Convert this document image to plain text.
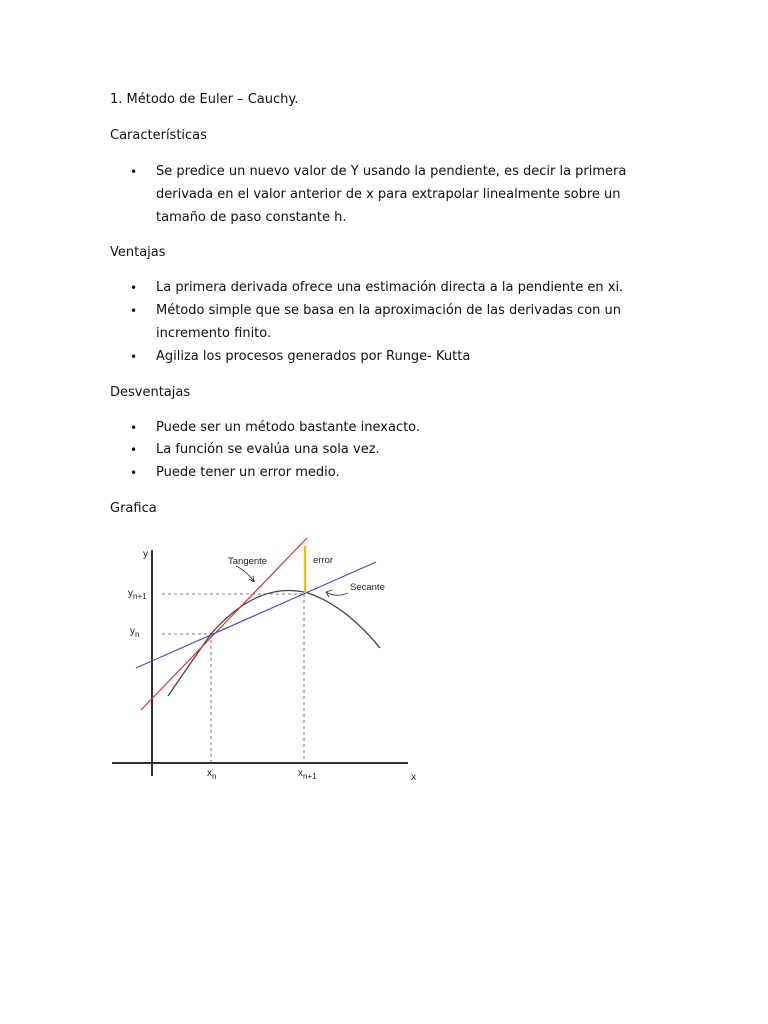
1. Método de Euler – Cauchy.
Características
• Se predice un nuevo valor de Y usando la pendiente, es decir la primera
derivada en el valor anterior de x para extrapolar linealmente sobre un
tamaño de paso constante h.
Ventajas
• La primera derivada ofrece una estimación directa a la pendiente en xi.
• Método simple que se basa en la aproximación de las derivadas con un
incremento finito.
• Agiliza los procesos generados por Runge- Kutta
Desventajas
• Puede ser un método bastante inexacto.
• La función se evalúa una sola vez.
• Puede tener un error medio.
Grafica
y
x
$y_{n+1}$
$y_n$
$x_n$	$x_{n+1}$
Tangente	error
Secante
